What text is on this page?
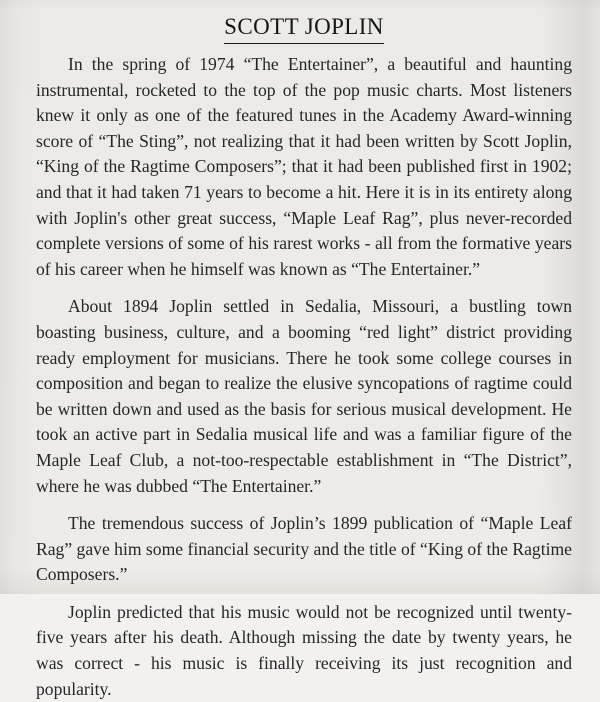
SCOTT JOPLIN

In the spring of 1974 “The Entertainer”, a beautiful and haunting instrumental, rocketed to the top of the pop music charts. Most listeners knew it only as one of the featured tunes in the Academy Award-winning score of “The Sting”, not realizing that it had been written by Scott Joplin, “King of the Ragtime Composers”; that it had been published first in 1902; and that it had taken 71 years to become a hit. Here it is in its entirety along with Joplin's other great success, “Maple Leaf Rag”, plus never-recorded complete versions of some of his rarest works - all from the formative years of his career when he himself was known as “The Entertainer.”

About 1894 Joplin settled in Sedalia, Missouri, a bustling town boasting business, culture, and a booming “red light” district providing ready employment for musicians. There he took some college courses in composition and began to realize the elusive syncopations of ragtime could be written down and used as the basis for serious musical development. He took an active part in Sedalia musical life and was a familiar figure of the Maple Leaf Club, a not-too-respectable establishment in “The District”, where he was dubbed “The Entertainer.”

The tremendous success of Joplin’s 1899 publication of “Maple Leaf Rag” gave him some financial security and the title of “King of the Ragtime Composers.”

Joplin predicted that his music would not be recognized until twenty-five years after his death. Although missing the date by twenty years, he was correct - his music is finally receiving its just recognition and popularity.
